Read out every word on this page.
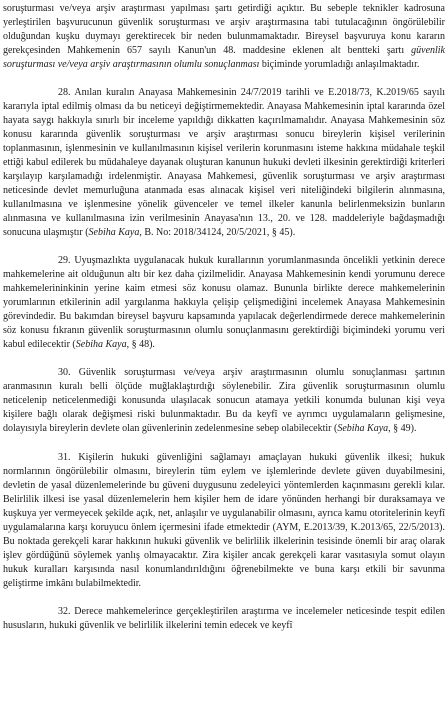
soruşturması ve/veya arşiv araştırması yapılması şartı getirdiği açıktır. Bu sebeple teknikler kadrosuna yerleştirilen başvurucunun güvenlik soruşturması ve arşiv araştırmasına tabi tutulacağının öngörülebilir olduğundan kuşku duymayı gerektirecek bir neden bulunmamaktadır. Bireysel başvuruya konu kararın gerekçesinden Mahkemenin 657 sayılı Kanun'un 48. maddesine eklenen alt bentteki şartı güvenlik soruşturması ve/veya arşiv araştırmasının olumlu sonuçlanması biçiminde yorumladığı anlaşılmaktadır.

28. Anılan kuralın Anayasa Mahkemesinin 24/7/2019 tarihli ve E.2018/73, K.2019/65 sayılı kararıyla iptal edilmiş olması da bu neticeyi değiştirmemektedir. Anayasa Mahkemesinin iptal kararında özel hayata saygı hakkıyla sınırlı bir inceleme yapıldığı dikkatten kaçırılmamalıdır. Anayasa Mahkemesinin söz konusu kararında güvenlik soruşturması ve arşiv araştırması sonucu bireylerin kişisel verilerinin toplanmasının, işlenmesinin ve kullanılmasının kişisel verilerin korunmasını isteme hakkına müdahale teşkil ettiği kabul edilerek bu müdahaleye dayanak oluşturan kanunun hukuki devleti ilkesinin gerektirdiği kriterleri karşılayıp karşılamadığı irdelenmiştir. Anayasa Mahkemesi, güvenlik soruşturması ve arşiv araştırması neticesinde devlet memurluğuna atanmada esas alınacak kişisel veri niteliğindeki bilgilerin alınmasına, kullanılmasına ve işlenmesine yönelik güvenceler ve temel ilkeler kanunla belirlenmeksizin bunların alınmasına ve kullanılmasına izin verilmesinin Anayasa'nın 13., 20. ve 128. maddeleriyle bağdaşmadığı sonucuna ulaşmıştır (Sebiha Kaya, B. No: 2018/34124, 20/5/2021, § 45).

29. Uyuşmazlıkta uygulanacak hukuk kurallarının yorumlanmasında öncelikli yetkinin derece mahkemelerine ait olduğunun altı bir kez daha çizilmelidir. Anayasa Mahkemesinin kendi yorumunu derece mahkemelerininkinin yerine kaim etmesi söz konusu olamaz. Bununla birlikte derece mahkemelerinin yorumlarının etkilerinin adil yargılanma hakkıyla çelişip çelişmediğini incelemek Anayasa Mahkemesinin görevindedir. Bu bakımdan bireysel başvuru kapsamında yapılacak değerlendirmede derece mahkemelerinin söz konusu fıkranın güvenlik soruşturmasının olumlu sonuçlanmasını gerektirdiği biçimindeki yorumu veri kabul edilecektir (Sebiha Kaya, § 48).

30. Güvenlik soruşturması ve/veya arşiv araştırmasının olumlu sonuçlanması şartının aranmasının kuralı belli ölçüde muğlaklaştırdığı söylenebilir. Zira güvenlik soruşturmasının olumlu neticelenip neticelenmediği konusunda ulaşılacak sonucun atamaya yetkili konumda bulunan kişi veya kişilere bağlı olarak değişmesi riski bulunmaktadır. Bu da keyfî ve ayrımcı uygulamaların gelişmesine, dolayısıyla bireylerin devlete olan güvenlerinin zedelenmesine sebep olabilecektir (Sebiha Kaya, § 49).

31. Kişilerin hukuki güvenliğini sağlamayı amaçlayan hukuki güvenlik ilkesi; hukuk normlarının öngörülebilir olmasını, bireylerin tüm eylem ve işlemlerinde devlete güven duyabilmesini, devletin de yasal düzenlemelerinde bu güveni duygusunu zedeleyici yöntemlerden kaçınmasını gerekli kılar. Belirlilik ilkesi ise yasal düzenlemelerin hem kişiler hem de idare yönünden herhangi bir duraksamaya ve kuşkuya yer vermeyecek şekilde açık, net, anlaşılır ve uygulanabilir olmasını, ayrıca kamu otoritelerinin keyfî uygulamalarına karşı koruyucu önlem içermesini ifade etmektedir (AYM, E.2013/39, K.2013/65, 22/5/2013). Bu noktada gerekçeli karar hakkının hukuki güvenlik ve belirlilik ilkelerinin tesisinde önemli bir araç olarak işlev gördüğünü söylemek yanlış olmayacaktır. Zira kişiler ancak gerekçeli karar vasıtasıyla somut olayın hukuk kuralları karşısında nasıl konumlandırıldığını öğrenebilmekte ve buna karşı etkili bir savunma geliştirme imkânı bulabilmektedir.

32. Derece mahkemelerince gerçekleştirilen araştırma ve incelemeler neticesinde tespit edilen hususların, hukuki güvenlik ve belirlilik ilkelerini temin edecek ve keyfî
